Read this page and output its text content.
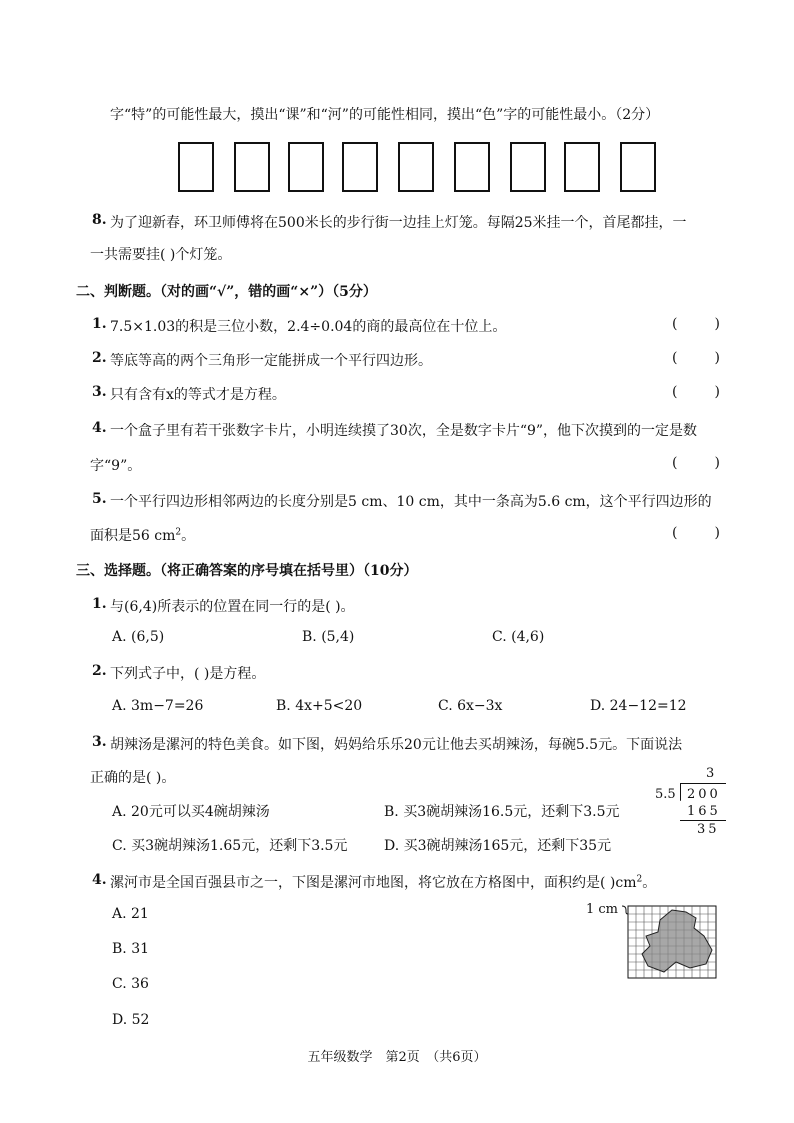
字“特”的可能性最大，摸出“课”和“河”的可能性相同，摸出“色”字的可能性最小。（2分）
8. 为了迎新春，环卫师傅将在500米长的步行街一边挂上灯笼。每隔25米挂一个，首尾都挂，一
一共需要挂( )个灯笼。
二、判断题。（对的画“√”，错的画“×”）（5分）
1. 7.5×1.03的积是三位小数，2.4÷0.04的商的最高位在十位上。	(	)
2. 等底等高的两个三角形一定能拼成一个平行四边形。	(	)
3. 只有含有x的等式才是方程。	(	)
4. 一个盒子里有若干张数字卡片，小明连续摸了30次，全是数字卡片“9”，他下次摸到的一定是数
字“9”。	(	)
5. 一个平行四边形相邻两边的长度分别是5 cm、10 cm，其中一条高为5.6 cm，这个平行四边形的
面积是56 $cm^2$。	(	)
三、选择题。（将正确答案的序号填在括号里）（10分）
1. 与(6,4)所表示的位置在同一行的是( )。
A. (6,5)	B. (5,4)	C. (4,6)
2. 下列式子中，( )是方程。
A. 3m−7=26	B. 4x+5<20	C. 6x−3x	D. 24−12=12
3. 胡辣汤是漯河的特色美食。如下图，妈妈给乐乐20元让他去买胡辣汤，每碗5.5元。下面说法
正确的是( )。
A. 20元可以买4碗胡辣汤	B. 买3碗胡辣汤16.5元，还剩下3.5元
C. 买3碗胡辣汤1.65元，还剩下3.5元	D. 买3碗胡辣汤165元，还剩下35元
3
5.5 200
165
35
4. 漯河市是全国百强县市之一，下图是漯河市地图，将它放在方格图中，面积约是( )$cm^2$。
A. 21
B. 31
C. 36
D. 52
1 cm
五年级数学　第2页　（共6页）
